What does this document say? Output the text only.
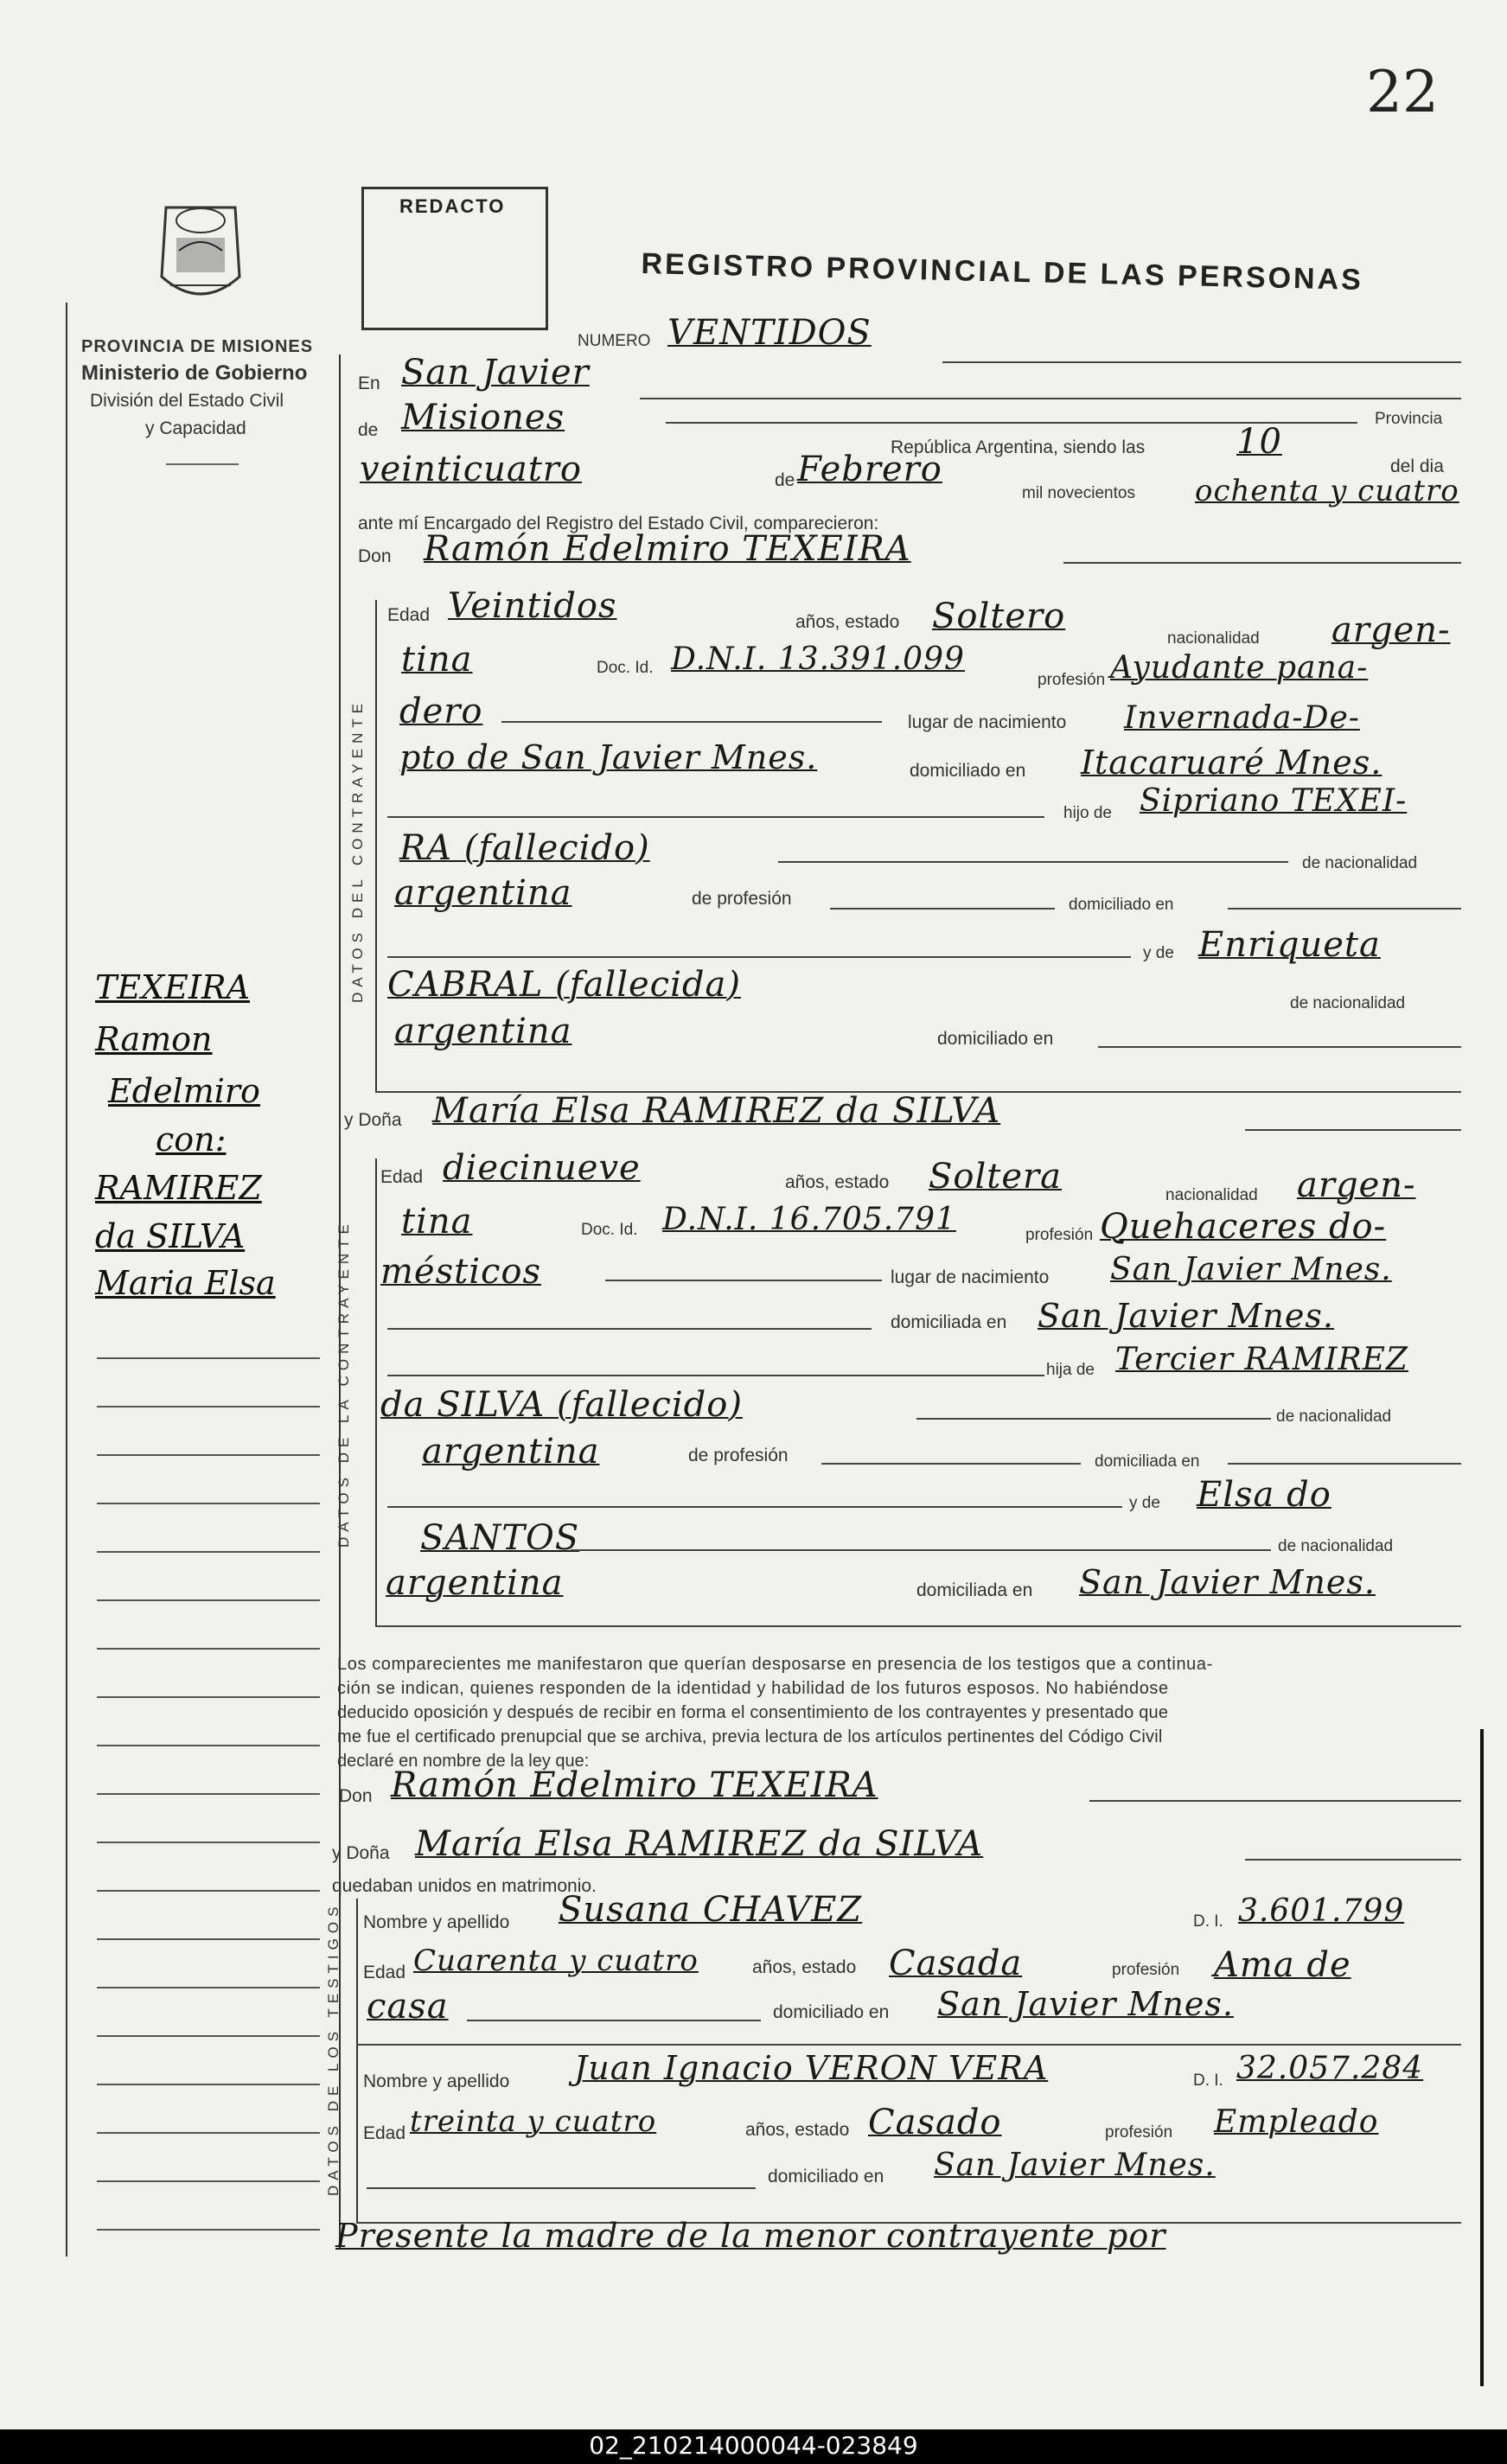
22
REDACTO
REGISTRO PROVINCIAL DE LAS PERSONAS
PROVINCIA DE MISIONES
Ministerio de Gobierno
División del Estado Civil
y Capacidad
TEXEIRA
Ramon
Edelmiro
con:
RAMIREZ
da SILVA
Maria Elsa
NUMERO VENTIDOS
En San Javier
de Misiones	Provincia
República Argentina, siendo las	10
del dia
veinticuatro	de Febrero
mil novecientos ochenta y cuatro
ante mí Encargado del Registro del Estado Civil, comparecieron:
Don Ramón Edelmiro TEXEIRA
DATOS DEL CONTRAYENTE
Edad Veintidos	años, estado Soltero
nacionalidad argen-
tina	Doc. Id. D.N.I. 13.391.099
profesión Ayudante pana-
dero	lugar de nacimiento Invernada-De-
pto de San Javier Mnes.	domiciliado en Itacaruaré Mnes.
hijo de Sipriano TEXEI-
RA (fallecido)	de nacionalidad
argentina	de profesión	domiciliado en
y de Enriqueta
CABRAL (fallecida)	de nacionalidad
argentina	domiciliado en
y Doña María Elsa RAMIREZ da SILVA
DATOS DE LA CONTRAYENTE
Edad diecinueve	años, estado Soltera	nacionalidad argen-
tina	Doc. Id. D.N.I. 16.705.791	profesión Quehaceres do-
mésticos	lugar de nacimiento San Javier Mnes.
domiciliada en San Javier Mnes.
hija de Tercier RAMIREZ
da SILVA (fallecido)	de nacionalidad
argentina	de profesión	domiciliada en
y de Elsa do
SANTOS	de nacionalidad
argentina	domiciliada en San Javier Mnes.
Los comparecientes me manifestaron que querían desposarse en presencia de los testigos que a continua-
ción se indican, quienes responden de la identidad y habilidad de los futuros esposos. No habiéndose
deducido oposición y después de recibir en forma el consentimiento de los contrayentes y presentado que
me fue el certificado prenupcial que se archiva, previa lectura de los artículos pertinentes del Código Civil
declaré en nombre de la ley que:
Don Ramón Edelmiro TEXEIRA
y Doña María Elsa RAMIREZ da SILVA
quedaban unidos en matrimonio.
DATOS DE LOS TESTIGOS Nombre y apellido Susana CHAVEZ	D. I. 3.601.799
Edad Cuarenta y cuatro	años, estado Casada	profesión Ama de
casa	domiciliado en San Javier Mnes.
Nombre y apellido Juan Ignacio VERON VERA	D. I. 32.057.284
Edad treinta y cuatro	años, estado Casado	profesión Empleado
domiciliado en San Javier Mnes.
Presente la madre de la menor contrayente por
02_210214000044-023849
